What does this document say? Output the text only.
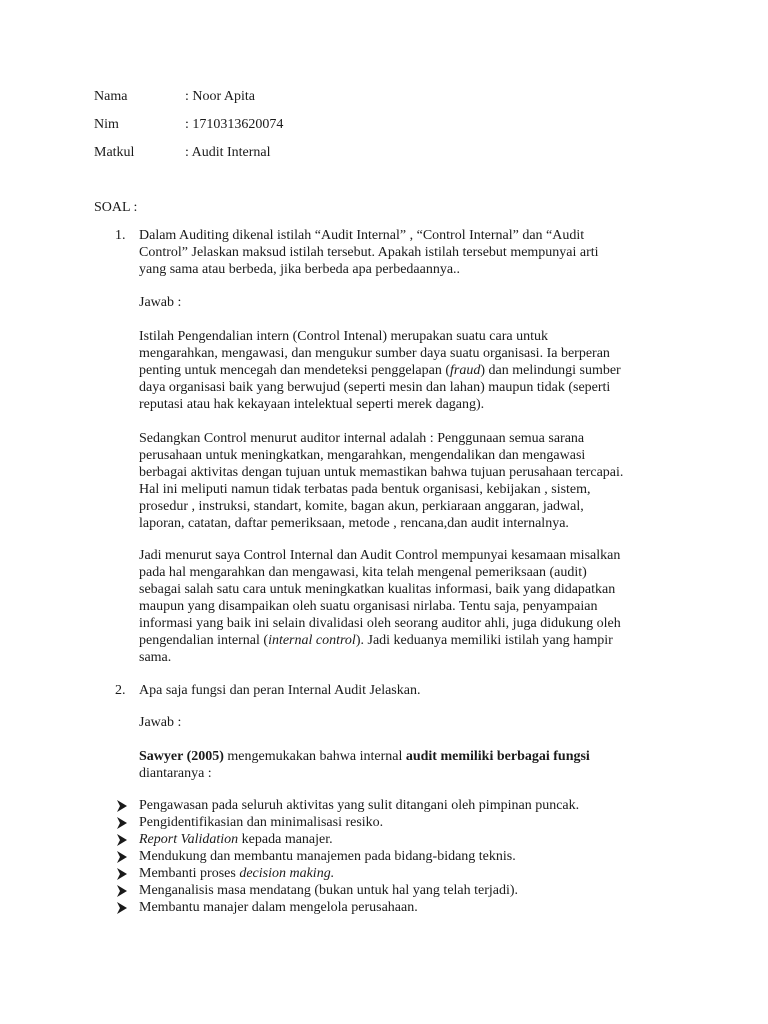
Nama	: Noor Apita
Nim	: 1710313620074
Matkul	: Audit Internal
SOAL :
1. Dalam Auditing dikenal istilah “Audit Internal” , “Control Internal” dan “Audit
Control” Jelaskan maksud istilah tersebut. Apakah istilah tersebut mempunyai arti
yang sama atau berbeda, jika berbeda apa perbedaannya..
Jawab :
Istilah Pengendalian intern (Control Intenal) merupakan suatu cara untuk
mengarahkan, mengawasi, dan mengukur sumber daya suatu organisasi. Ia berperan
penting untuk mencegah dan mendeteksi penggelapan (fraud) dan melindungi sumber
daya organisasi baik yang berwujud (seperti mesin dan lahan) maupun tidak (seperti
reputasi atau hak kekayaan intelektual seperti merek dagang).
Sedangkan Control menurut auditor internal adalah : Penggunaan semua sarana
perusahaan untuk meningkatkan, mengarahkan, mengendalikan dan mengawasi
berbagai aktivitas dengan tujuan untuk memastikan bahwa tujuan perusahaan tercapai.
Hal ini meliputi namun tidak terbatas pada bentuk organisasi, kebijakan , sistem,
prosedur , instruksi, standart, komite, bagan akun, perkiaraan anggaran, jadwal,
laporan, catatan, daftar pemeriksaan, metode , rencana,dan audit internalnya.
Jadi menurut saya Control Internal dan Audit Control mempunyai kesamaan misalkan
pada hal mengarahkan dan mengawasi, kita telah mengenal pemeriksaan (audit)
sebagai salah satu cara untuk meningkatkan kualitas informasi, baik yang didapatkan
maupun yang disampaikan oleh suatu organisasi nirlaba. Tentu saja, penyampaian
informasi yang baik ini selain divalidasi oleh seorang auditor ahli, juga didukung oleh
pengendalian internal (internal control). Jadi keduanya memiliki istilah yang hampir
sama.
2. Apa saja fungsi dan peran Internal Audit Jelaskan.
Jawab :
Sawyer (2005) mengemukakan bahwa internal audit memiliki berbagai fungsi
diantaranya :
Pengawasan pada seluruh aktivitas yang sulit ditangani oleh pimpinan puncak.
Pengidentifikasian dan minimalisasi resiko.
Report Validation kepada manajer.
Mendukung dan membantu manajemen pada bidang-bidang teknis.
Membanti proses decision making.
Menganalisis masa mendatang (bukan untuk hal yang telah terjadi).
Membantu manajer dalam mengelola perusahaan.
